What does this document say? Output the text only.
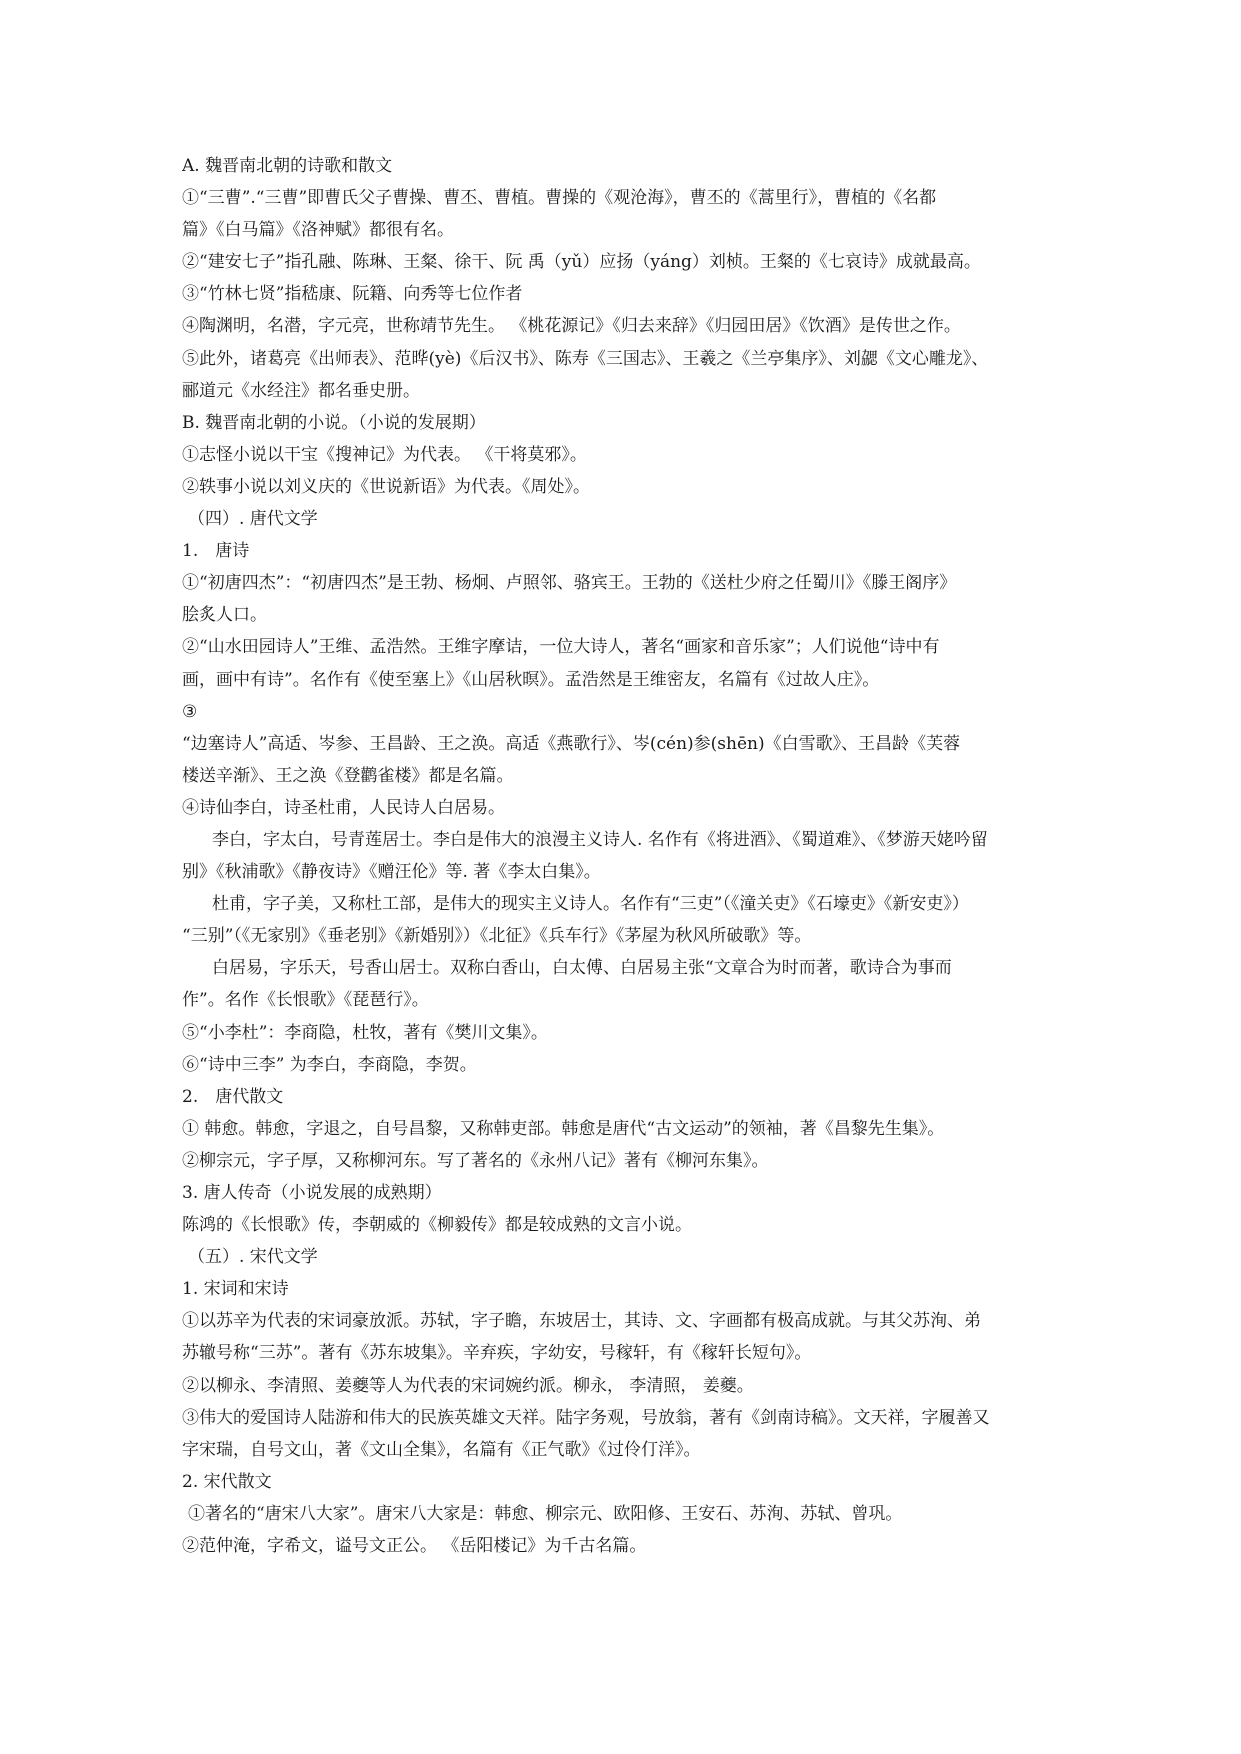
A. 魏晋南北朝的诗歌和散文
①“三曹”.“三曹”即曹氏父子曹操、曹丕、曹植。曹操的《观沧海》，曹丕的《蒿里行》，曹植的《名都
篇》《白马篇》《洛神赋》都很有名。
②“建安七子”指孔融、陈琳、王粲、徐干、阮 禹（yǔ）应扬（yáng）刘桢。王粲的《七哀诗》成就最高。
③“竹林七贤”指嵇康、阮籍、向秀等七位作者
④陶渊明，名潜，字元亮，世称靖节先生。 《桃花源记》《归去来辞》《归园田居》《饮酒》是传世之作。
⑤此外，诸葛亮《出师表》、范晔(yè)《后汉书》、陈寿《三国志》、王羲之《兰亭集序》、刘勰《文心雕龙》、
郦道元《水经注》都名垂史册。
B. 魏晋南北朝的小说。（小说的发展期）
①志怪小说以干宝《搜神记》为代表。 《干将莫邪》。
②轶事小说以刘义庆的《世说新语》为代表。《周处》。
（四）. 唐代文学
1.　唐诗
①“初唐四杰”：“初唐四杰”是王勃、杨炯、卢照邻、骆宾王。王勃的《送杜少府之任蜀川》《滕王阁序》
脍炙人口。
②“山水田园诗人”王维、孟浩然。王维字摩诘，一位大诗人，著名“画家和音乐家”；人们说他“诗中有
画，画中有诗”。名作有《使至塞上》《山居秋暝》。孟浩然是王维密友，名篇有《过故人庄》。
③
“边塞诗人”高适、岑参、王昌龄、王之涣。高适《燕歌行》、岑(cén)参(shēn)《白雪歌》、王昌龄《芙蓉
楼送辛渐》、王之涣《登鹳雀楼》都是名篇。
④诗仙李白，诗圣杜甫，人民诗人白居易。
李白，字太白，号青莲居士。李白是伟大的浪漫主义诗人. 名作有《将进酒》、《蜀道难》、《梦游天姥吟留
别》《秋浦歌》《静夜诗》《赠汪伦》等. 著《李太白集》。
杜甫，字子美，又称杜工部，是伟大的现实主义诗人。名作有“三吏”（《潼关吏》《石壕吏》《新安吏》）
“三别”（《无家别》《垂老别》《新婚别》）《北征》《兵车行》《茅屋为秋风所破歌》等。
白居易，字乐天，号香山居士。双称白香山，白太傅、白居易主张“文章合为时而著，歌诗合为事而
作”。名作《长恨歌》《琵琶行》。
⑤“小李杜”：李商隐，杜牧，著有《樊川文集》。
⑥“诗中三李” 为李白，李商隐，李贺。
2.　唐代散文
① 韩愈。韩愈，字退之，自号昌黎，又称韩吏部。韩愈是唐代“古文运动”的领袖，著《昌黎先生集》。
②柳宗元，字子厚，又称柳河东。写了著名的《永州八记》著有《柳河东集》。
3. 唐人传奇（小说发展的成熟期）
陈鸿的《长恨歌》传，李朝威的《柳毅传》都是较成熟的文言小说。
（五）. 宋代文学
1. 宋词和宋诗
①以苏辛为代表的宋词豪放派。苏轼，字子瞻，东坡居士，其诗、文、字画都有极高成就。与其父苏洵、弟
苏辙号称“三苏”。著有《苏东坡集》。辛弃疾，字幼安，号稼轩，有《稼轩长短句》。
②以柳永、李清照、姜夔等人为代表的宋词婉约派。柳永， 李清照， 姜夔。
③伟大的爱国诗人陆游和伟大的民族英雄文天祥。陆字务观，号放翁，著有《剑南诗稿》。文天祥，字履善又
字宋瑞，自号文山，著《文山全集》，名篇有《正气歌》《过伶仃洋》。
2. 宋代散文
①著名的“唐宋八大家”。唐宋八大家是：韩愈、柳宗元、欧阳修、王安石、苏洵、苏轼、曾巩。
②范仲淹，字希文，谥号文正公。 《岳阳楼记》为千古名篇。
